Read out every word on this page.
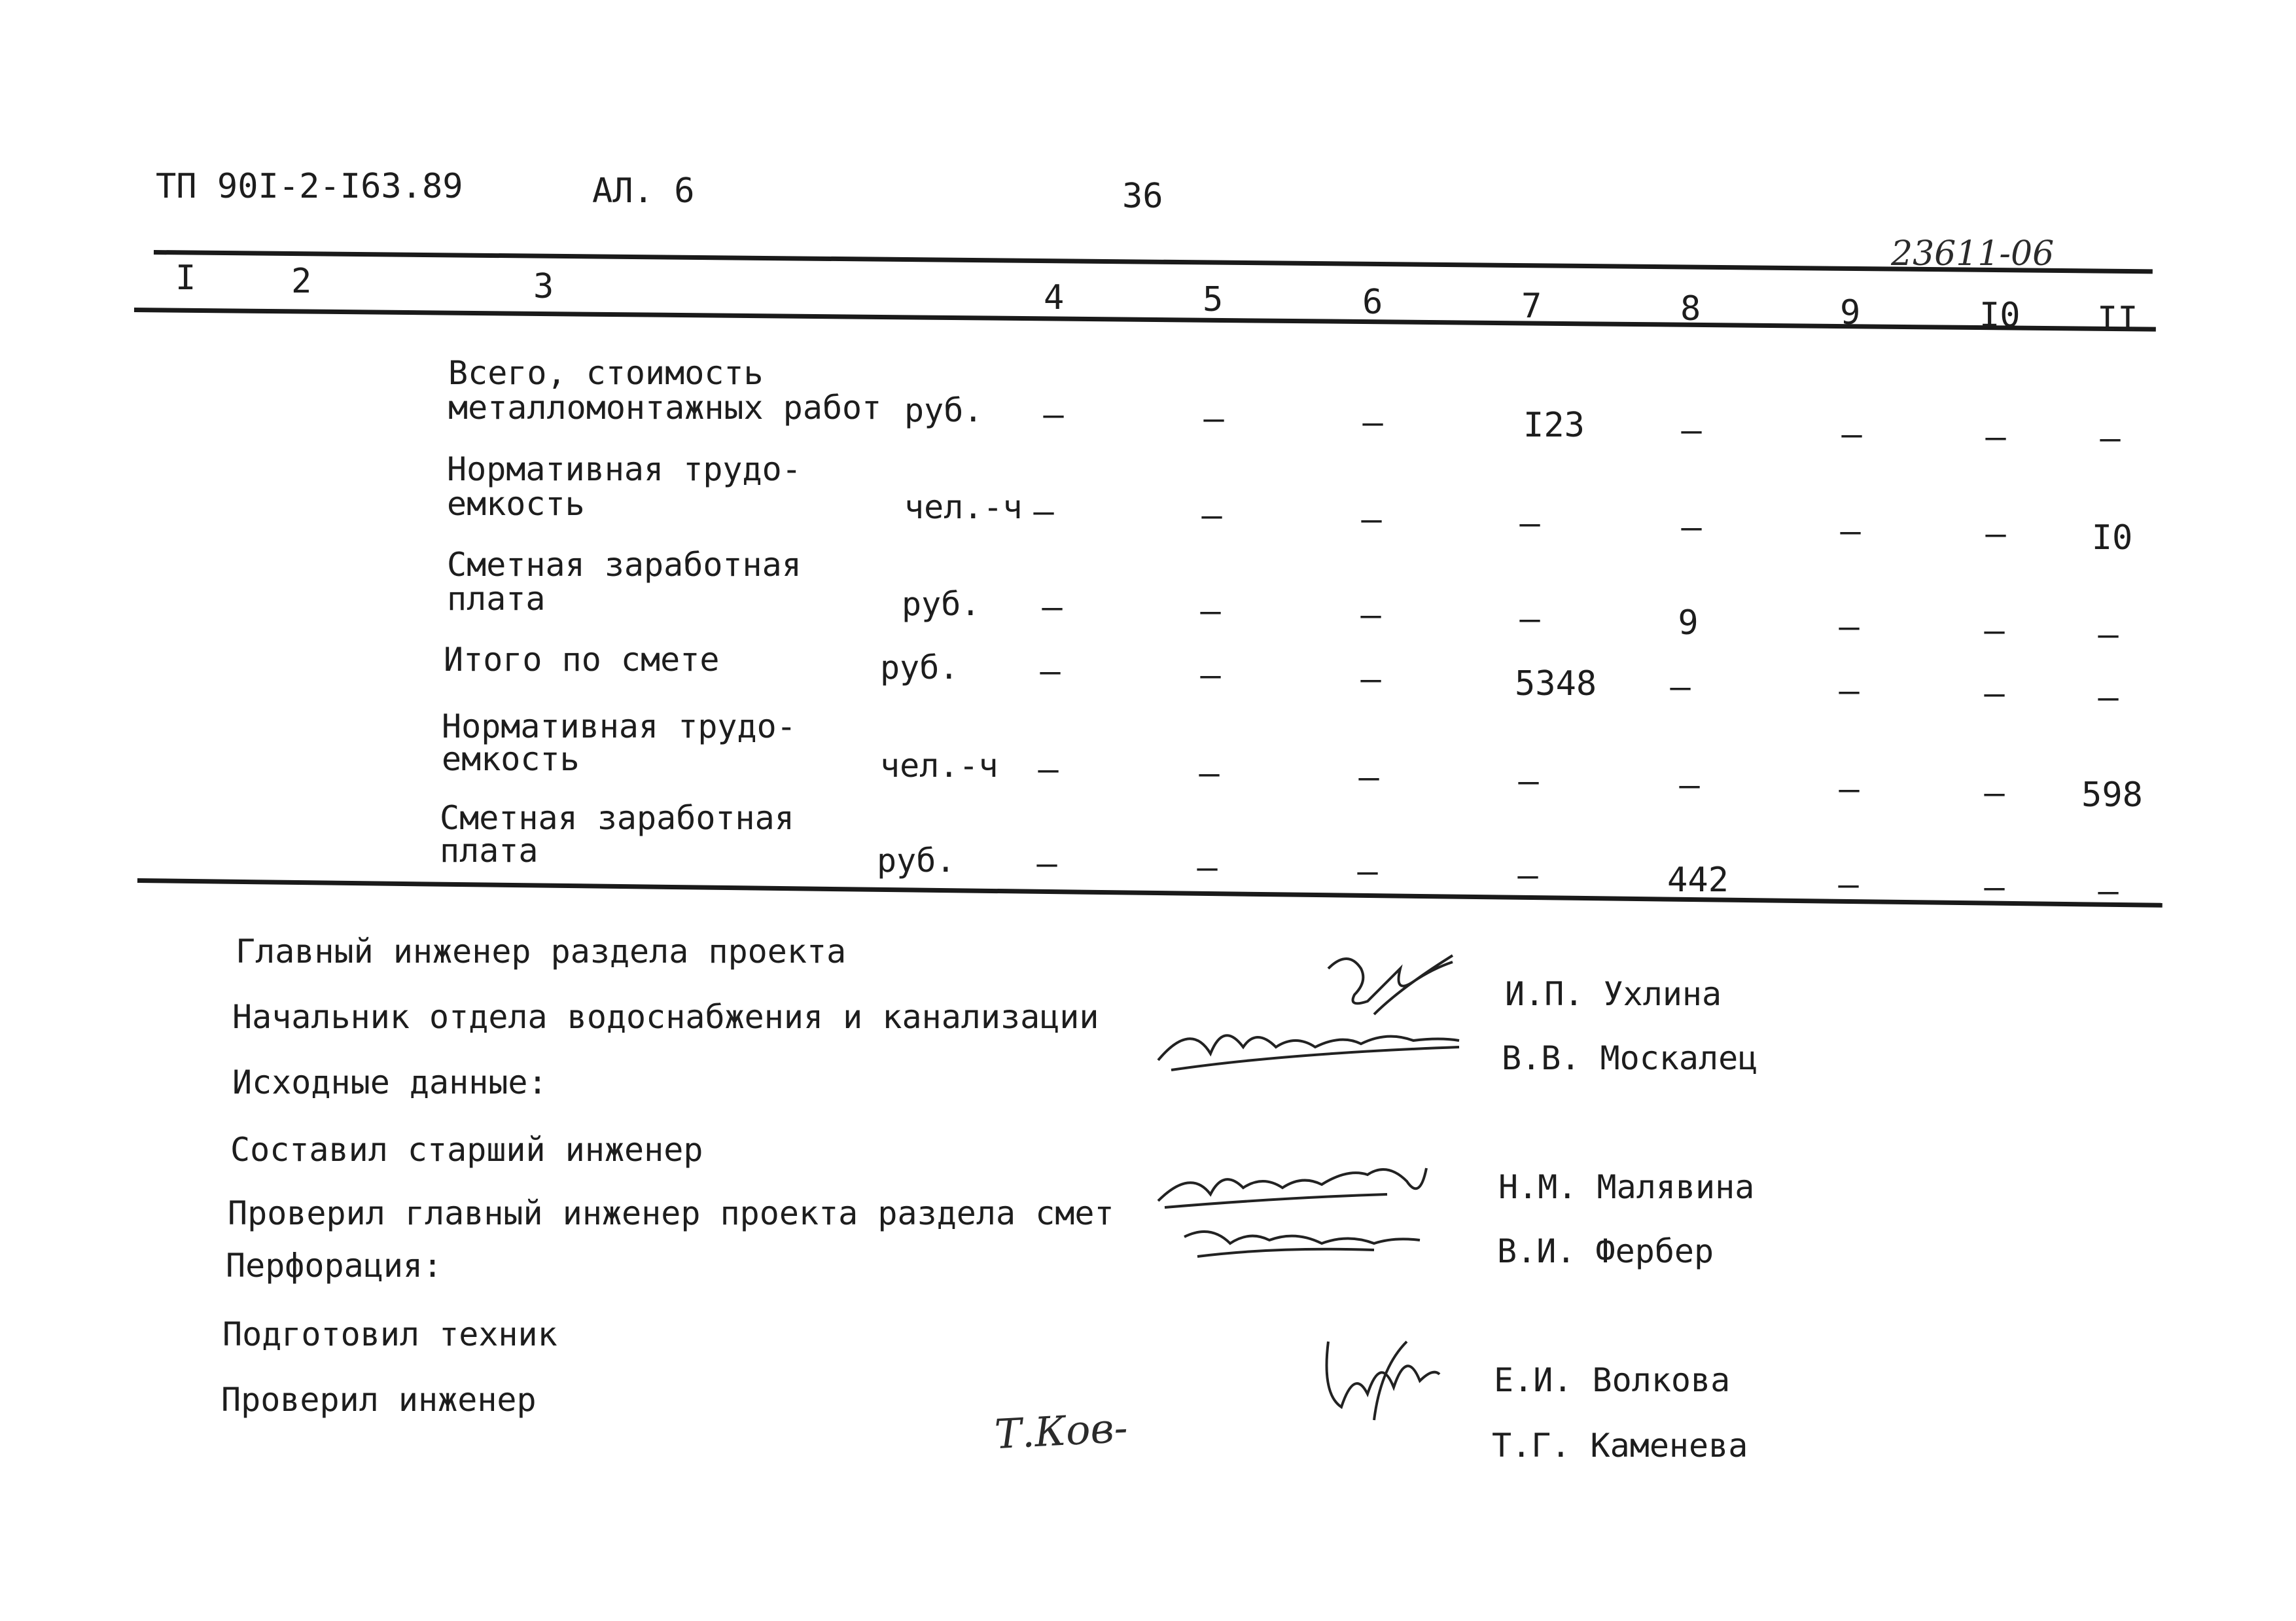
ТП 90I-2-I63.89	АЛ. 6	36
23611-06
I	2	3	4	5	6	7	8	9	I0 II
Всего, стоимость
металломонтажных работ руб.	–	–	–	I23	–	–	–	–
Нормативная трудо-
емкость	чел.-ч –	–	–	–	–	–	–	I0
Сметная заработная
плата	руб.	–	–	–	–	9	–	–	–
Итого по смете	руб.	–	–	–	5348	–	–	–	–
Нормативная трудо-
емкость	чел.-ч	–	–	–	–	–	–	–	598
Сметная заработная
плата	руб.	–	–	–	–	442	–	–	–
Главный инженер раздела проекта
И.П. Ухлина
Начальник отдела водоснабжения и канализации
В.В. Москалец
Исходные данные:
Составил старший инженер
Н.М. Малявина
Проверил главный инженер проекта раздела смет
В.И. Фербер
Перфорация:
Подготовил техник
Е.И. Волкова
Проверил инженер
Т.Г. Каменева
Т.Ков-
